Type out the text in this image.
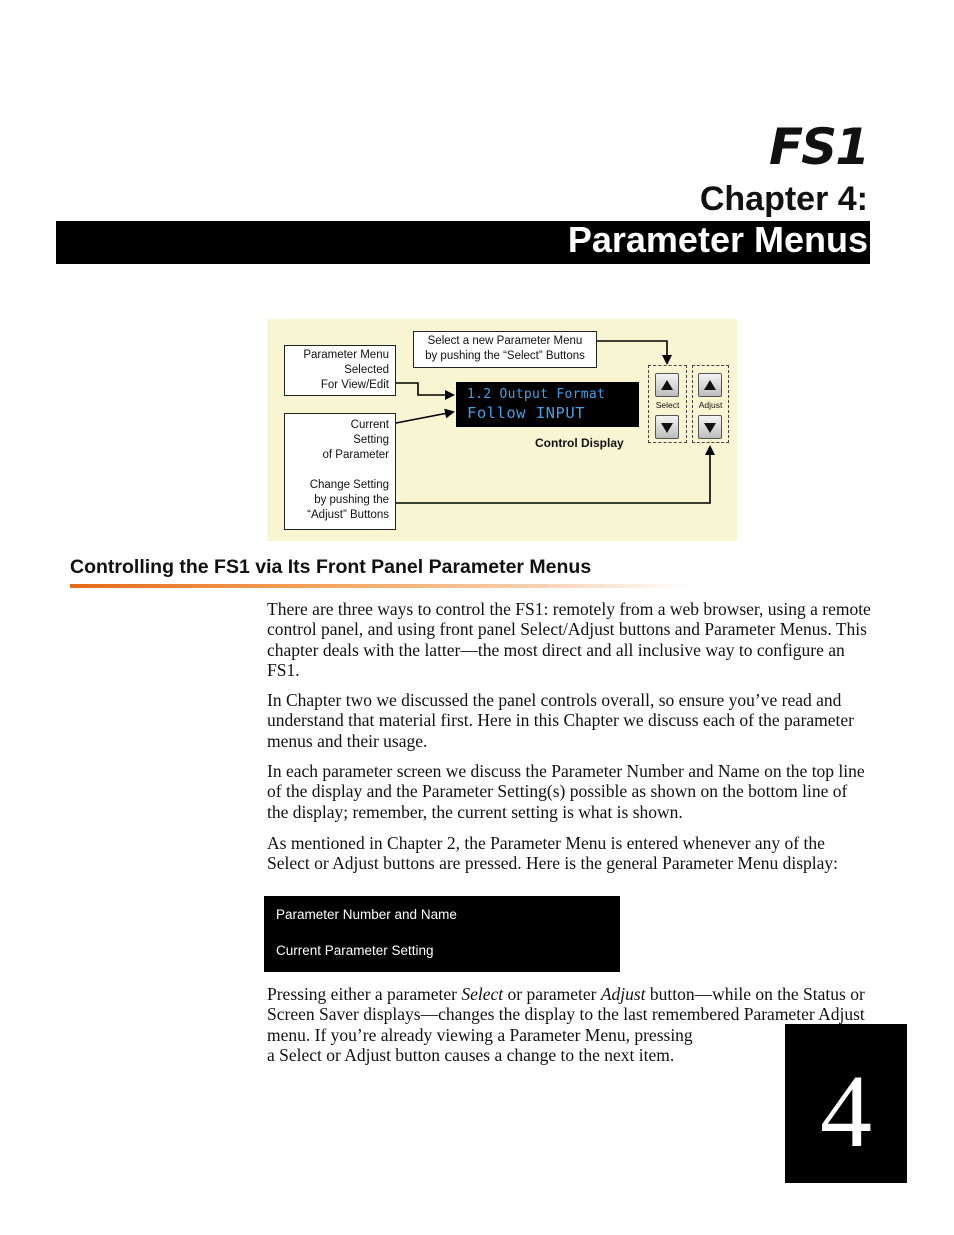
FS1
Chapter 4:
Parameter Menus
Parameter Menu
Selected
For View/Edit
Select a new Parameter Menu
by pushing the “Select” Buttons
Current
Setting
of Parameter
Change Setting
by pushing the
“Adjust” Buttons
1.2 Output Format
Follow INPUT
Control Display
Select	Adjust
Controlling the FS1 via Its Front Panel Parameter Menus

There are three ways to control the FS1: remotely from a web browser, using a remote control panel, and using front panel Select/Adjust buttons and Parameter Menus. This chapter deals with the latter—the most direct and all inclusive way to configure an FS1.

In Chapter two we discussed the panel controls overall, so ensure you’ve read and understand that material first. Here in this Chapter we discuss each of the parameter menus and their usage.

In each parameter screen we discuss the Parameter Number and Name on the top line of the display and the Parameter Setting(s) possible as shown on the bottom line of the display; remember, the current setting is what is shown.

As mentioned in Chapter 2, the Parameter Menu is entered whenever any of the Select or Adjust buttons are pressed. Here is the general Parameter Menu display:

Parameter Number and Name
Current Parameter Setting

Pressing either a parameter Select or parameter Adjust button—while on the Status or Screen Saver displays—changes the display to the last remembered Parameter Adjust menu. If you’re already viewing a Parameter Menu, pressing

a Select or Adjust button causes a change to the next item.	4
